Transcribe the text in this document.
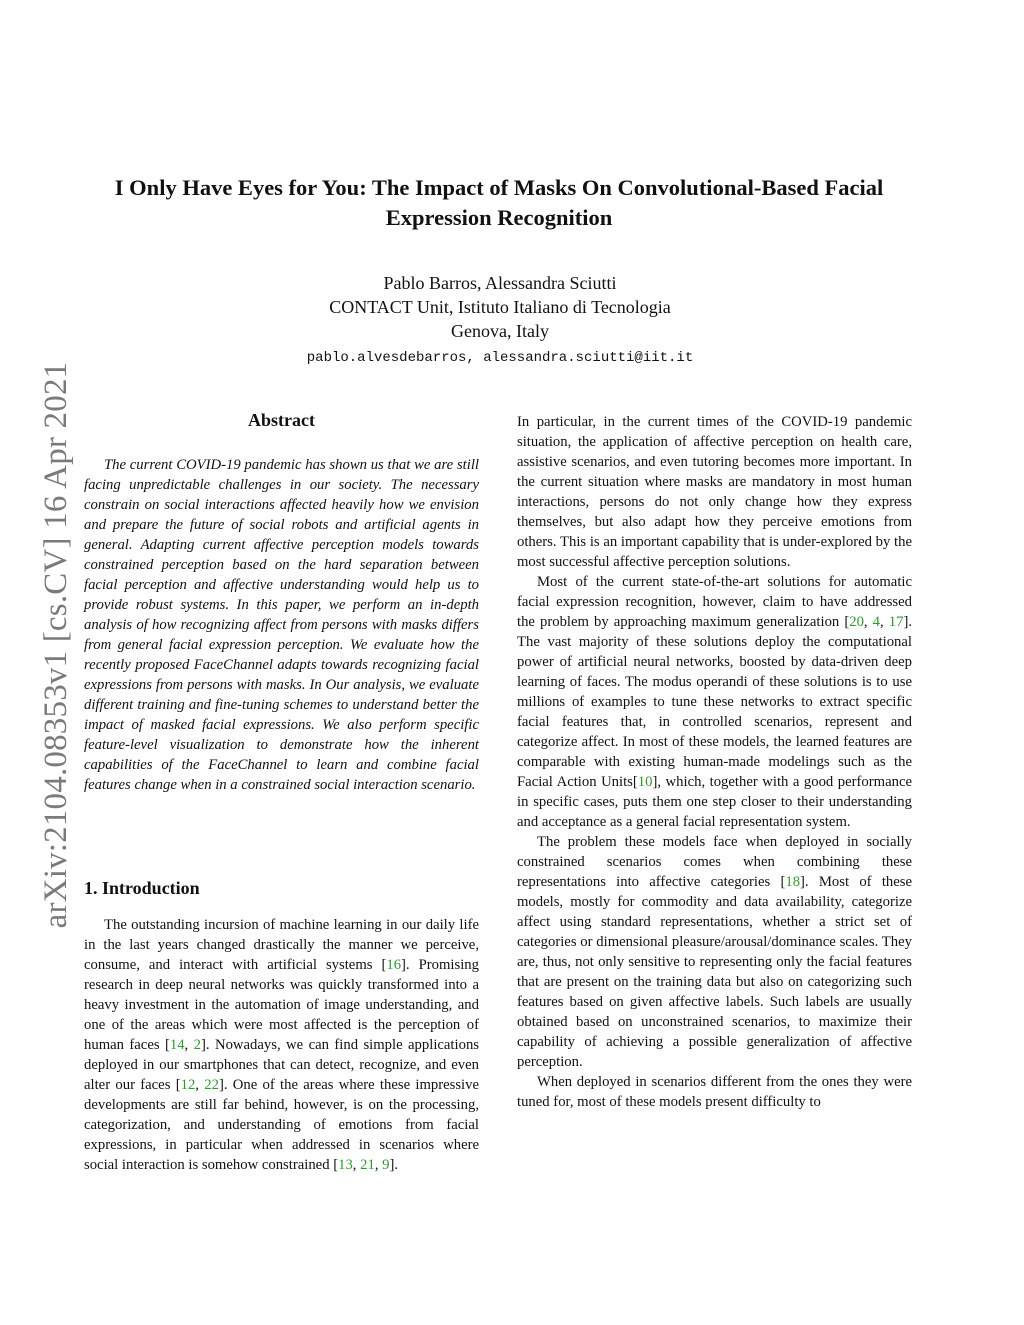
arXiv:2104.08353v1 [cs.CV] 16 Apr 2021
I Only Have Eyes for You: The Impact of Masks On Convolutional-Based Facial Expression Recognition
Pablo Barros, Alessandra Sciutti
CONTACT Unit, Istituto Italiano di Tecnologia
Genova, Italy
pablo.alvesdebarros, alessandra.sciutti@iit.it
Abstract

The current COVID-19 pandemic has shown us that we are still facing unpredictable challenges in our society. The necessary constrain on social interactions affected heavily how we envision and prepare the future of social robots and artificial agents in general. Adapting current affective perception models towards constrained perception based on the hard separation between facial perception and affective understanding would help us to provide robust systems. In this paper, we perform an in-depth analysis of how recognizing affect from persons with masks differs from general facial expression perception. We evaluate how the recently proposed FaceChannel adapts towards recognizing facial expressions from persons with masks. In Our analysis, we evaluate different training and fine-tuning schemes to understand better the impact of masked facial expressions. We also perform specific feature-level visualization to demonstrate how the inherent capabilities of the FaceChannel to learn and combine facial features change when in a constrained social interaction scenario.

1. Introduction

The outstanding incursion of machine learning in our daily life in the last years changed drastically the manner we perceive, consume, and interact with artificial systems [16]. Promising research in deep neural networks was quickly transformed into a heavy investment in the automation of image understanding, and one of the areas which were most affected is the perception of human faces [14, 2]. Nowadays, we can find simple applications deployed in our smartphones that can detect, recognize, and even alter our faces [12, 22]. One of the areas where these impressive developments are still far behind, however, is on the processing, categorization, and understanding of emotions from facial expressions, in particular when addressed in scenarios where social interaction is somehow constrained [13, 21, 9].

In particular, in the current times of the COVID-19 pandemic situation, the application of affective perception on health care, assistive scenarios, and even tutoring becomes more important. In the current situation where masks are mandatory in most human interactions, persons do not only change how they express themselves, but also adapt how they perceive emotions from others. This is an important capability that is under-explored by the most successful affective perception solutions.

Most of the current state-of-the-art solutions for automatic facial expression recognition, however, claim to have addressed the problem by approaching maximum generalization [20, 4, 17]. The vast majority of these solutions deploy the computational power of artificial neural networks, boosted by data-driven deep learning of faces. The modus operandi of these solutions is to use millions of examples to tune these networks to extract specific facial features that, in controlled scenarios, represent and categorize affect. In most of these models, the learned features are comparable with existing human-made modelings such as the Facial Action Units[10], which, together with a good performance in specific cases, puts them one step closer to their understanding and acceptance as a general facial representation system.

The problem these models face when deployed in socially constrained scenarios comes when combining these representations into affective categories [18]. Most of these models, mostly for commodity and data availability, categorize affect using standard representations, whether a strict set of categories or dimensional pleasure/arousal/dominance scales. They are, thus, not only sensitive to representing only the facial features that are present on the training data but also on categorizing such features based on given affective labels. Such labels are usually obtained based on unconstrained scenarios, to maximize their capability of achieving a possible generalization of affective perception.

When deployed in scenarios different from the ones they were tuned for, most of these models present difficulty to
